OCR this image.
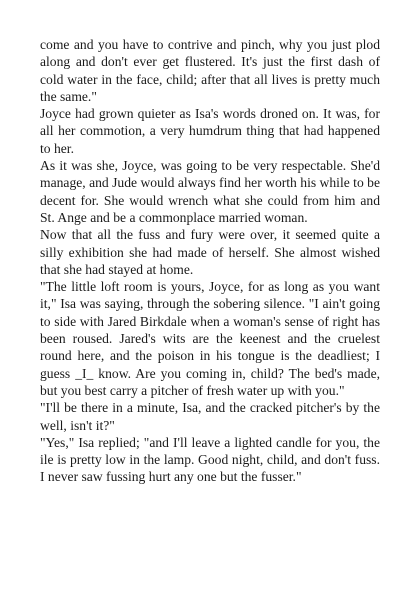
come and you have to contrive and pinch, why you just plod along and don't ever get flustered. It's just the first dash of cold water in the face, child; after that all lives is pretty much the same."

Joyce had grown quieter as Isa's words droned on. It was, for all her commotion, a very humdrum thing that had happened to her.

As it was she, Joyce, was going to be very respectable. She'd manage, and Jude would always find her worth his while to be decent for. She would wrench what she could from him and St. Ange and be a commonplace married woman.

Now that all the fuss and fury were over, it seemed quite a silly exhibition she had made of herself. She almost wished that she had stayed at home.

"The little loft room is yours, Joyce, for as long as you want it," Isa was saying, through the sobering silence. "I ain't going to side with Jared Birkdale when a woman's sense of right has been roused. Jared's wits are the keenest and the cruelest round here, and the poison in his tongue is the deadliest; I guess _I_ know. Are you coming in, child? The bed's made, but you best carry a pitcher of fresh water up with you."

"I'll be there in a minute, Isa, and the cracked pitcher's by the well, isn't it?"

"Yes," Isa replied; "and I'll leave a lighted candle for you, the ile is pretty low in the lamp. Good night, child, and don't fuss. I never saw fussing hurt any one but the fusser."
